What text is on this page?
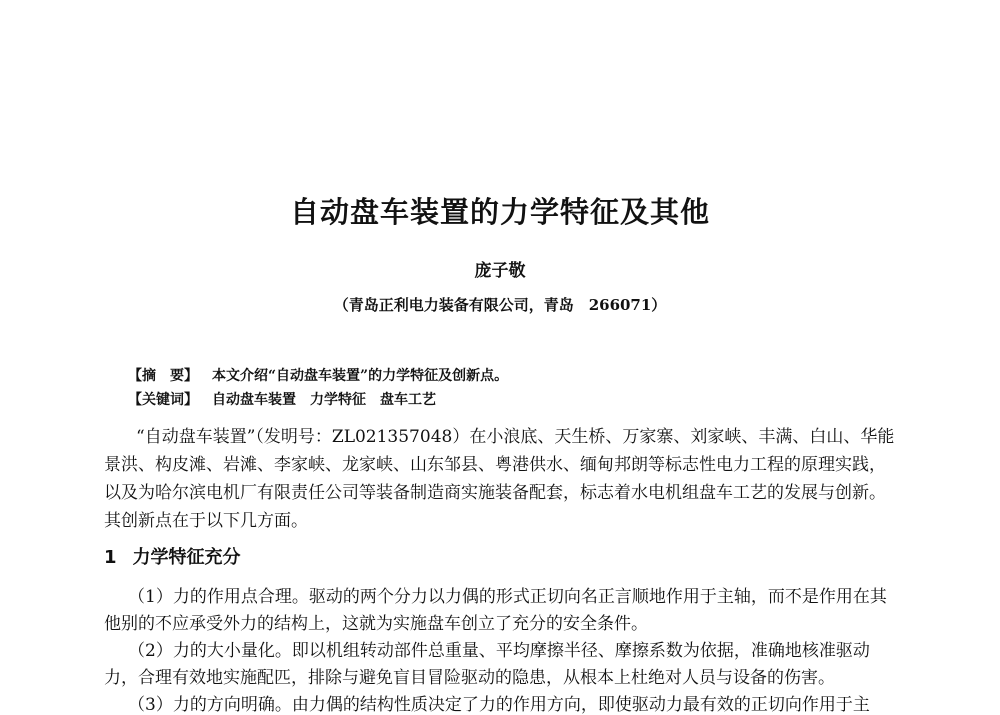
自动盘车装置的力学特征及其他
庞子敬
（青岛正利电力装备有限公司，青岛　266071）
【摘　要】 本文介绍“自动盘车装置”的力学特征及创新点。
【关键词】 自动盘车装置　力学特征　盘车工艺
“自动盘车装置”（发明号：ZL021357048）在小浪底、天生桥、万家寨、刘家峡、丰满、白山、华能
景洪、构皮滩、岩滩、李家峡、龙家峡、山东邹县、粤港供水、缅甸邦朗等标志性电力工程的原理实践，
以及为哈尔滨电机厂有限责任公司等装备制造商实施装备配套，标志着水电机组盘车工艺的发展与创新。
其创新点在于以下几方面。
1 力学特征充分
（1）力的作用点合理。驱动的两个分力以力偶的形式正切向名正言顺地作用于主轴，而不是作用在其
他别的不应承受外力的结构上，这就为实施盘车创立了充分的安全条件。
（2）力的大小量化。即以机组转动部件总重量、平均摩擦半径、摩擦系数为依据，准确地核准驱动
力，合理有效地实施配匹，排除与避免盲目冒险驱动的隐患，从根本上杜绝对人员与设备的伤害。
（3）力的方向明确。由力偶的结构性质决定了力的作用方向，即使驱动力最有效的正切向作用于主
